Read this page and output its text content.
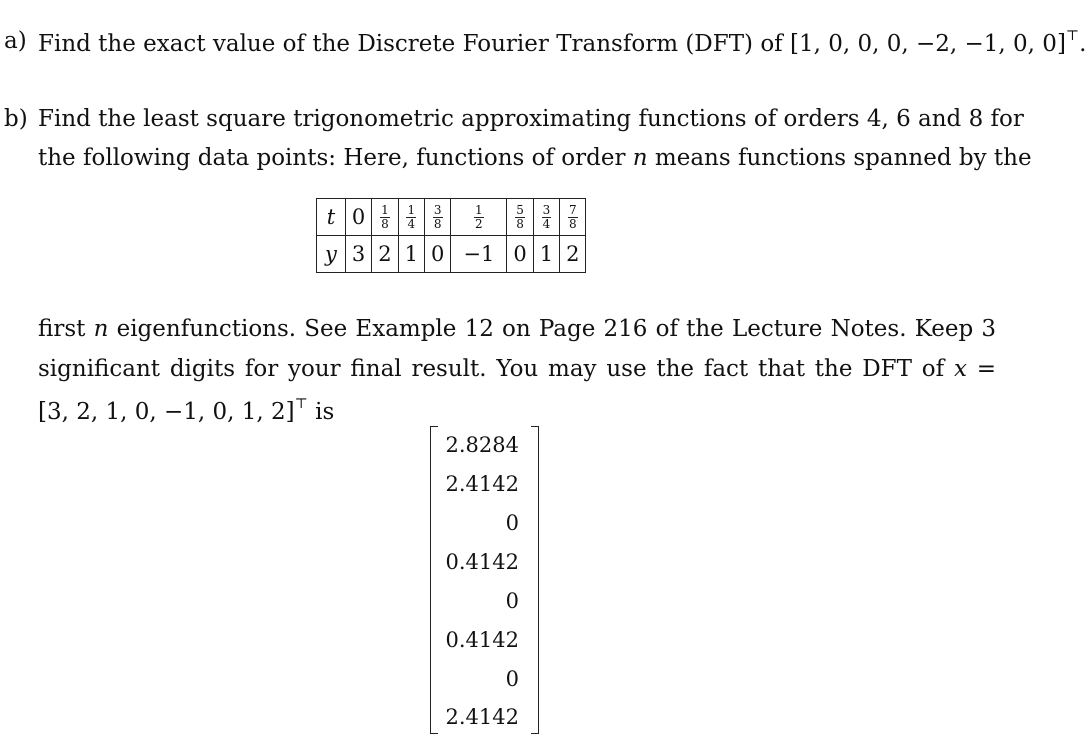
a) Find the exact value of the Discrete Fourier Transform (DFT) of [1, 0, 0, 0, −2, −1, 0, 0]⊤.
b) Find the least square trigonometric approximating functions of orders 4, 6 and 8 for
the following data points: Here, functions of order n means functions spanned by the
t	0	$\frac{1}{8}$	$\frac{1}{4}$	$\frac{3}{8}$	$\frac{1}{2}$	$\frac{5}{8}$	$\frac{3}{4}$	$\frac{7}{8}$

y	3	2	1	0	−1	0	1	2
first n eigenfunctions. See Example 12 on Page 216 of the Lecture Notes. Keep 3
significant digits for your final result. You may use the fact that the DFT of x =
[3, 2, 1, 0, −1, 0, 1, 2]⊤ is
2.8284
2.4142
0
0.4142
0
0.4142
0
2.4142
